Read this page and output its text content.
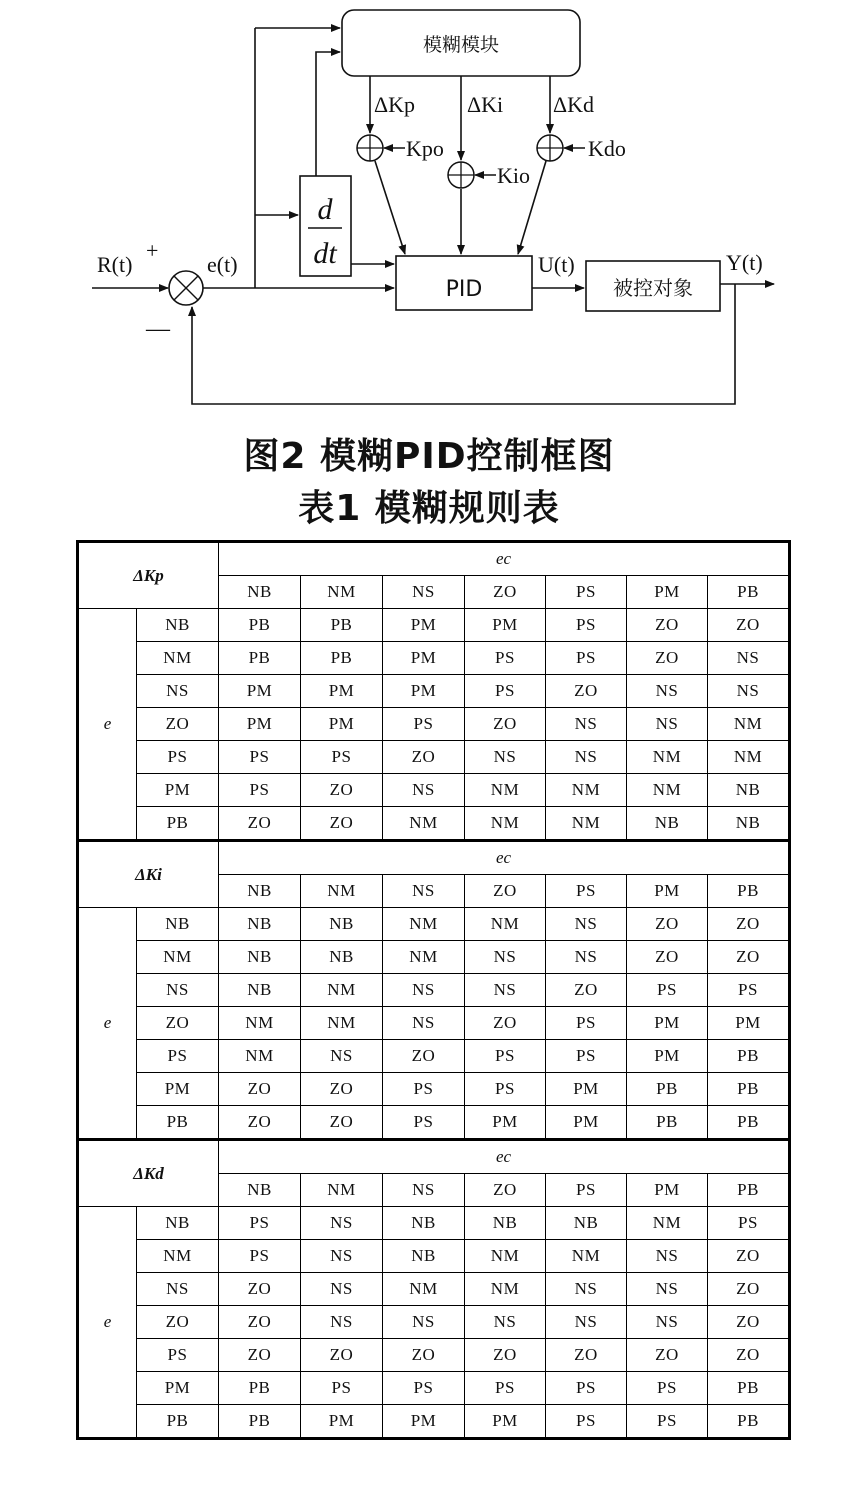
模糊模块
ΔKp ΔKi ΔKd
Kpo
Kio
Kdo
PID
d
dt
被控对象
R(t)
+
—
e(t)	U(t)	Y(t)
图2 模糊PID控制框图
表1 模糊规则表
ΔKp		ec						
		NB	NM	NS	ZO	PS	PM	PB
e	NB	PB	PB	PM	PM	PS	ZO	ZO
	NM	PB	PB	PM	PS	PS	ZO	NS
	NS	PM	PM	PM	PS	ZO	NS	NS
	ZO	PM	PM	PS	ZO	NS	NS	NM
	PS	PS	PS	ZO	NS	NS	NM	NM
	PM	PS	ZO	NS	NM	NM	NM	NB
	PB	ZO	ZO	NM	NM	NM	NB	NB
ΔKi		ec						
		NB	NM	NS	ZO	PS	PM	PB
e	NB	NB	NB	NM	NM	NS	ZO	ZO
	NM	NB	NB	NM	NS	NS	ZO	ZO
	NS	NB	NM	NS	NS	ZO	PS	PS
	ZO	NM	NM	NS	ZO	PS	PM	PM
	PS	NM	NS	ZO	PS	PS	PM	PB
	PM	ZO	ZO	PS	PS	PM	PB	PB
	PB	ZO	ZO	PS	PM	PM	PB	PB
ΔKd		ec						
		NB	NM	NS	ZO	PS	PM	PB
e	NB	PS	NS	NB	NB	NB	NM	PS
	NM	PS	NS	NB	NM	NM	NS	ZO
	NS	ZO	NS	NM	NM	NS	NS	ZO
	ZO	ZO	NS	NS	NS	NS	NS	ZO
	PS	ZO	ZO	ZO	ZO	ZO	ZO	ZO
	PM	PB	PS	PS	PS	PS	PS	PB
	PB	PB	PM	PM	PM	PS	PS	PB
